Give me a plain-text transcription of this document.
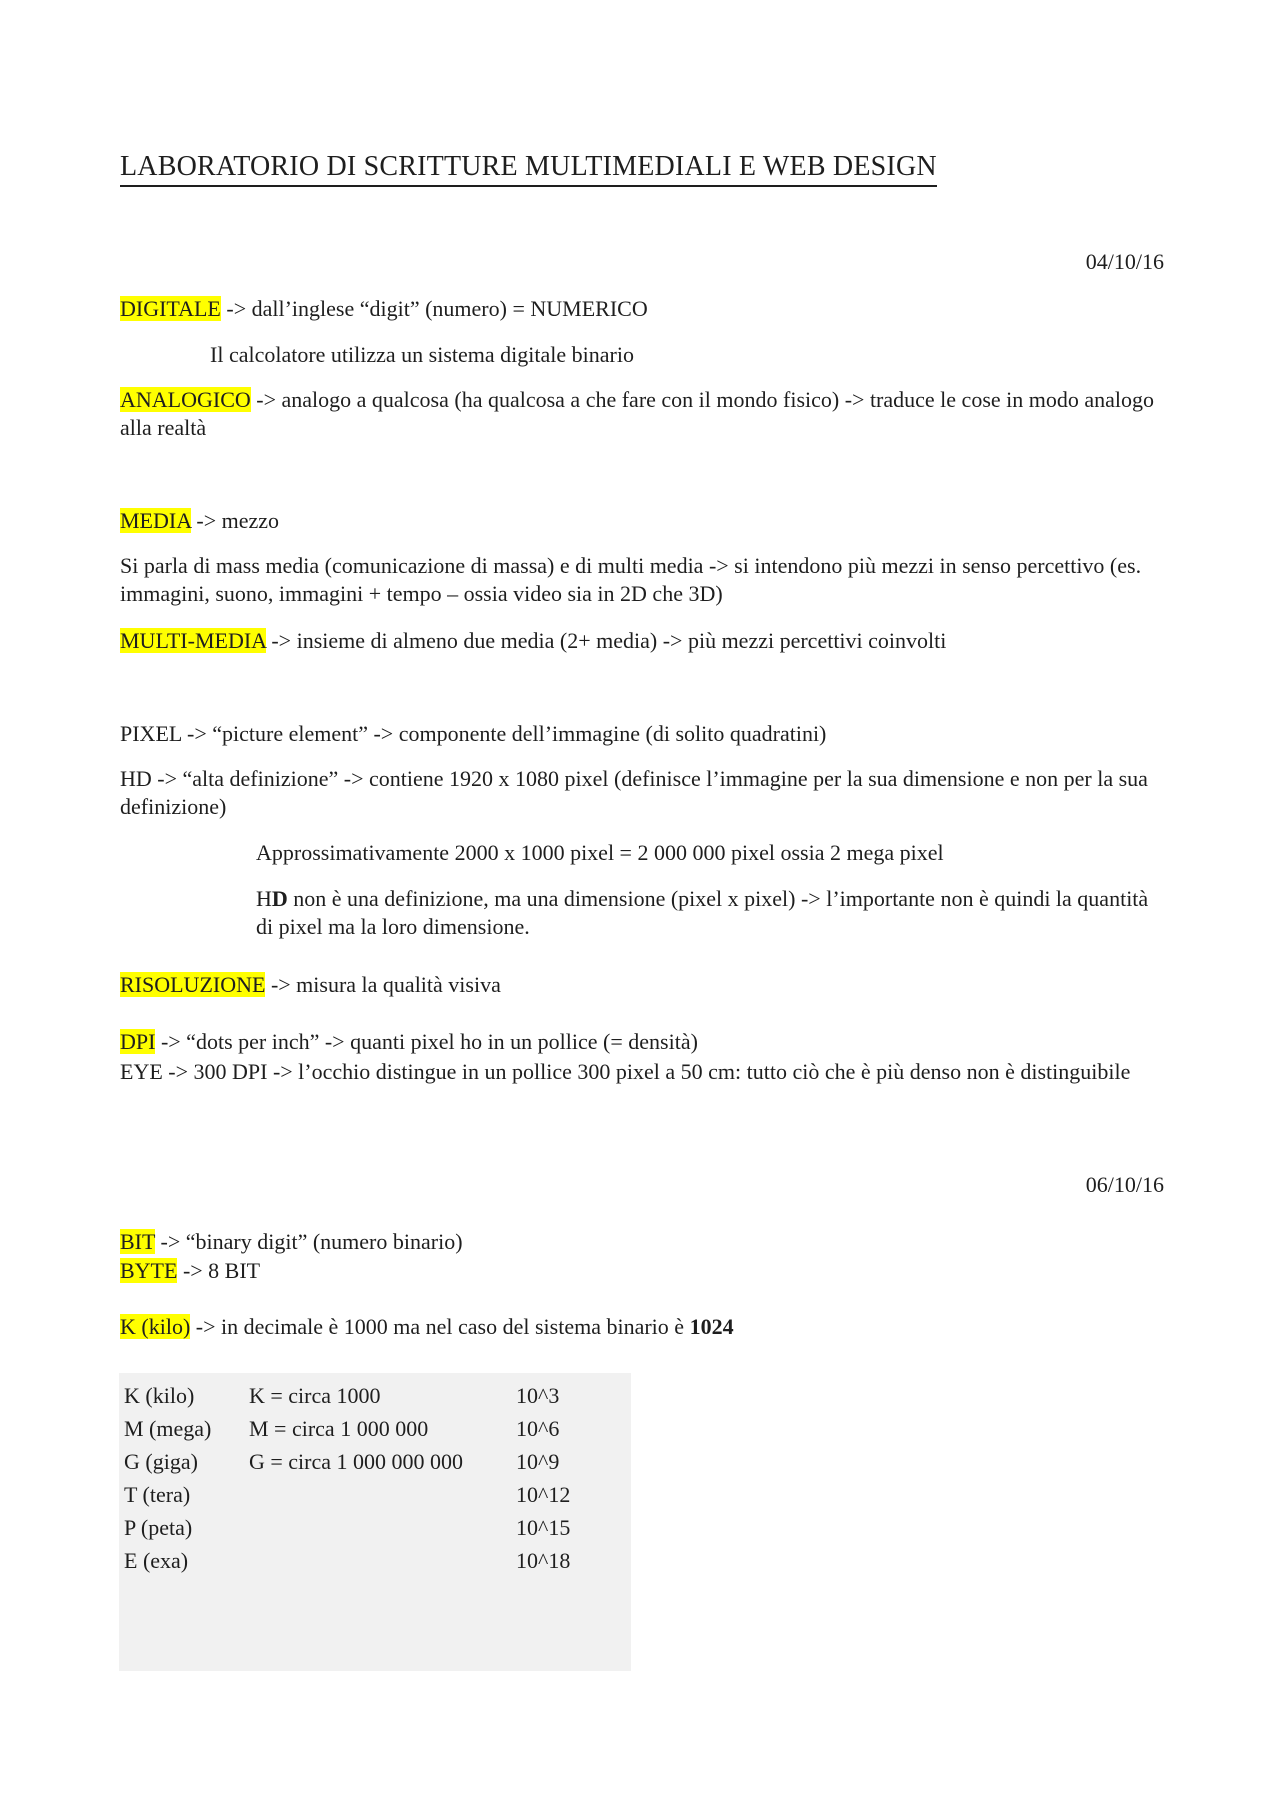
LABORATORIO DI SCRITTURE MULTIMEDIALI E WEB DESIGN
04/10/16

DIGITALE -> dall’inglese “digit” (numero) = NUMERICO

Il calcolatore utilizza un sistema digitale binario

ANALOGICO -> analogo a qualcosa (ha qualcosa a che fare con il mondo fisico) -> traduce le cose in modo analogo alla realtà

MEDIA -> mezzo

Si parla di mass media (comunicazione di massa) e di multi media -> si intendono più mezzi in senso percettivo (es. immagini, suono, immagini + tempo – ossia video sia in 2D che 3D)

MULTI-MEDIA -> insieme di almeno due media (2+ media) -> più mezzi percettivi coinvolti

PIXEL -> “picture element” -> componente dell’immagine (di solito quadratini)

HD -> “alta definizione” -> contiene 1920 x 1080 pixel (definisce l’immagine per la sua dimensione e non per la sua definizione)

Approssimativamente 2000 x 1000 pixel = 2 000 000 pixel ossia 2 mega pixel

HD non è una definizione, ma una dimensione (pixel x pixel) -> l’importante non è quindi la quantità di pixel ma la loro dimensione.

RISOLUZIONE -> misura la qualità visiva

DPI -> “dots per inch” -> quanti pixel ho in un pollice (= densità)

EYE -> 300 DPI -> l’occhio distingue in un pollice 300 pixel a 50 cm: tutto ciò che è più denso non è distinguibile

06/10/16

BIT -> “binary digit” (numero binario)

BYTE -> 8 BIT

K (kilo) -> in decimale è 1000 ma nel caso del sistema binario è 1024

K (kilo)	K = circa 1000	10^3
M (mega)	M = circa 1 000 000	10^6
G (giga)	G = circa 1 000 000 000	10^9
T (tera)		10^12
P (peta)		10^15
E (exa)		10^18
